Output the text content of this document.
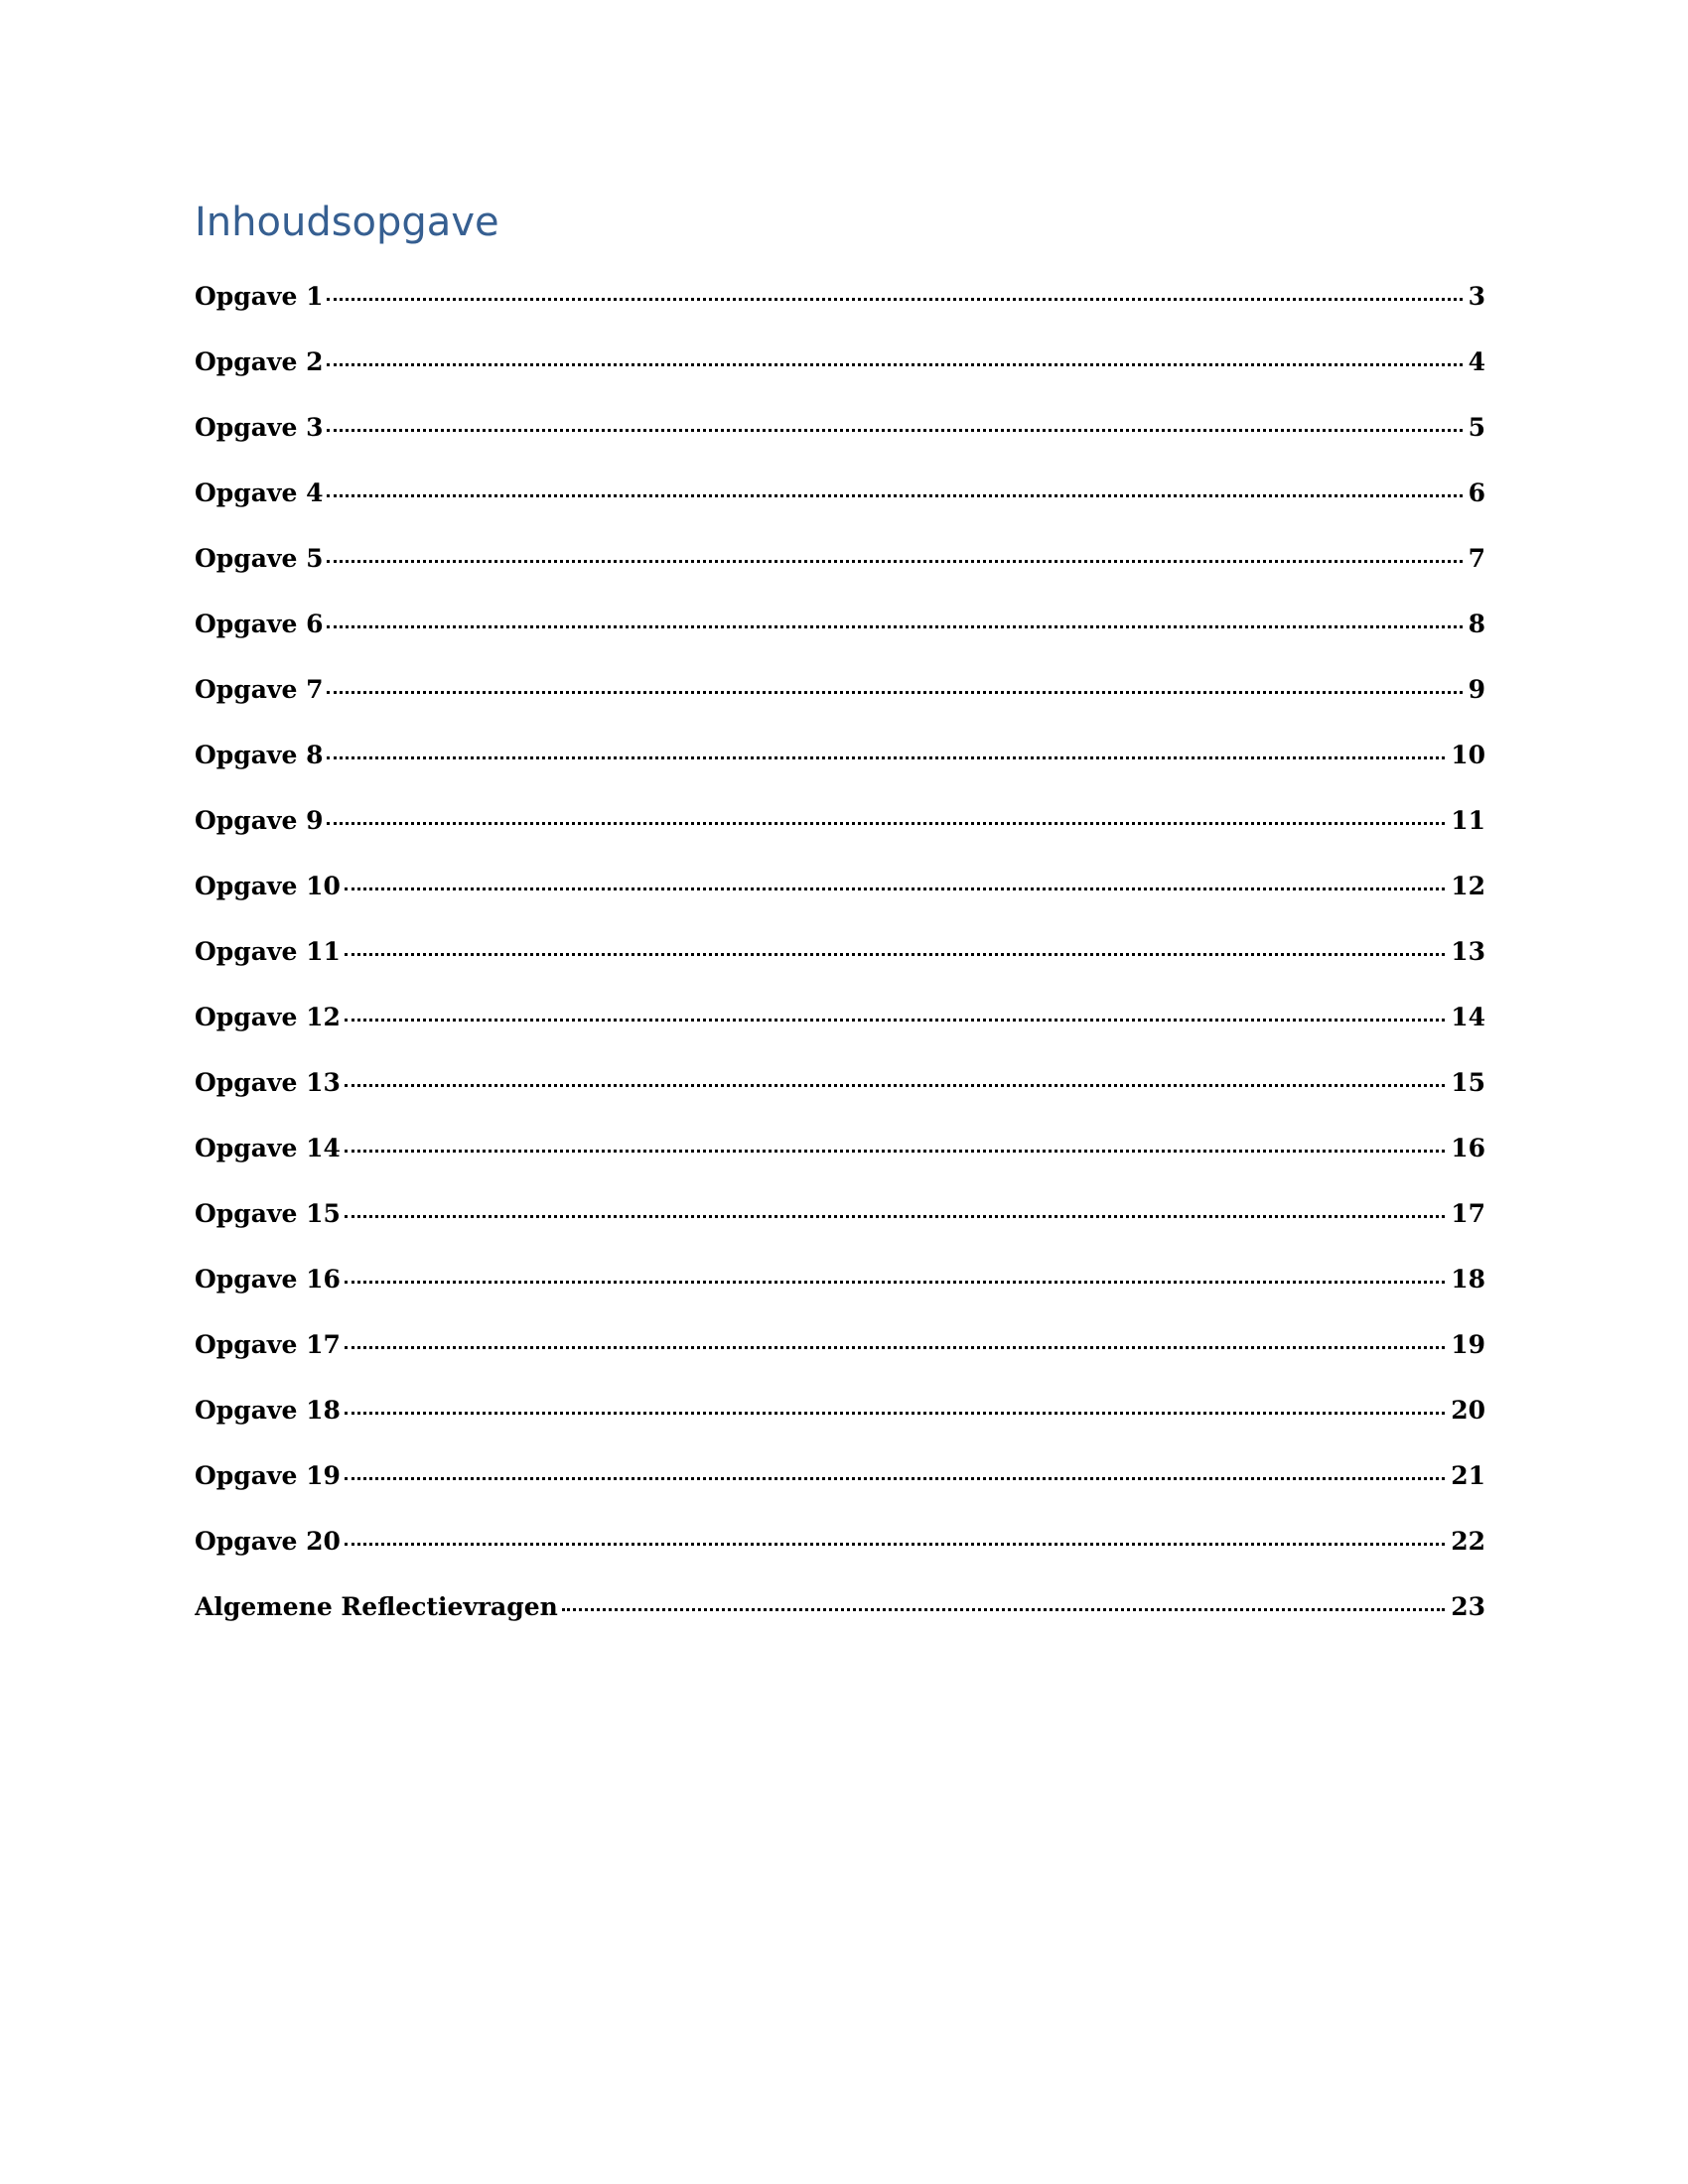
Inhoudsopgave
Opgave 1	3
Opgave 2	4
Opgave 3	5
Opgave 4	6
Opgave 5	7
Opgave 6	8
Opgave 7	9
Opgave 8	10
Opgave 9	11
Opgave 10	12
Opgave 11	13
Opgave 12	14
Opgave 13	15
Opgave 14	16
Opgave 15	17
Opgave 16	18
Opgave 17	19
Opgave 18	20
Opgave 19	21
Opgave 20	22
Algemene Reflectievragen	23
